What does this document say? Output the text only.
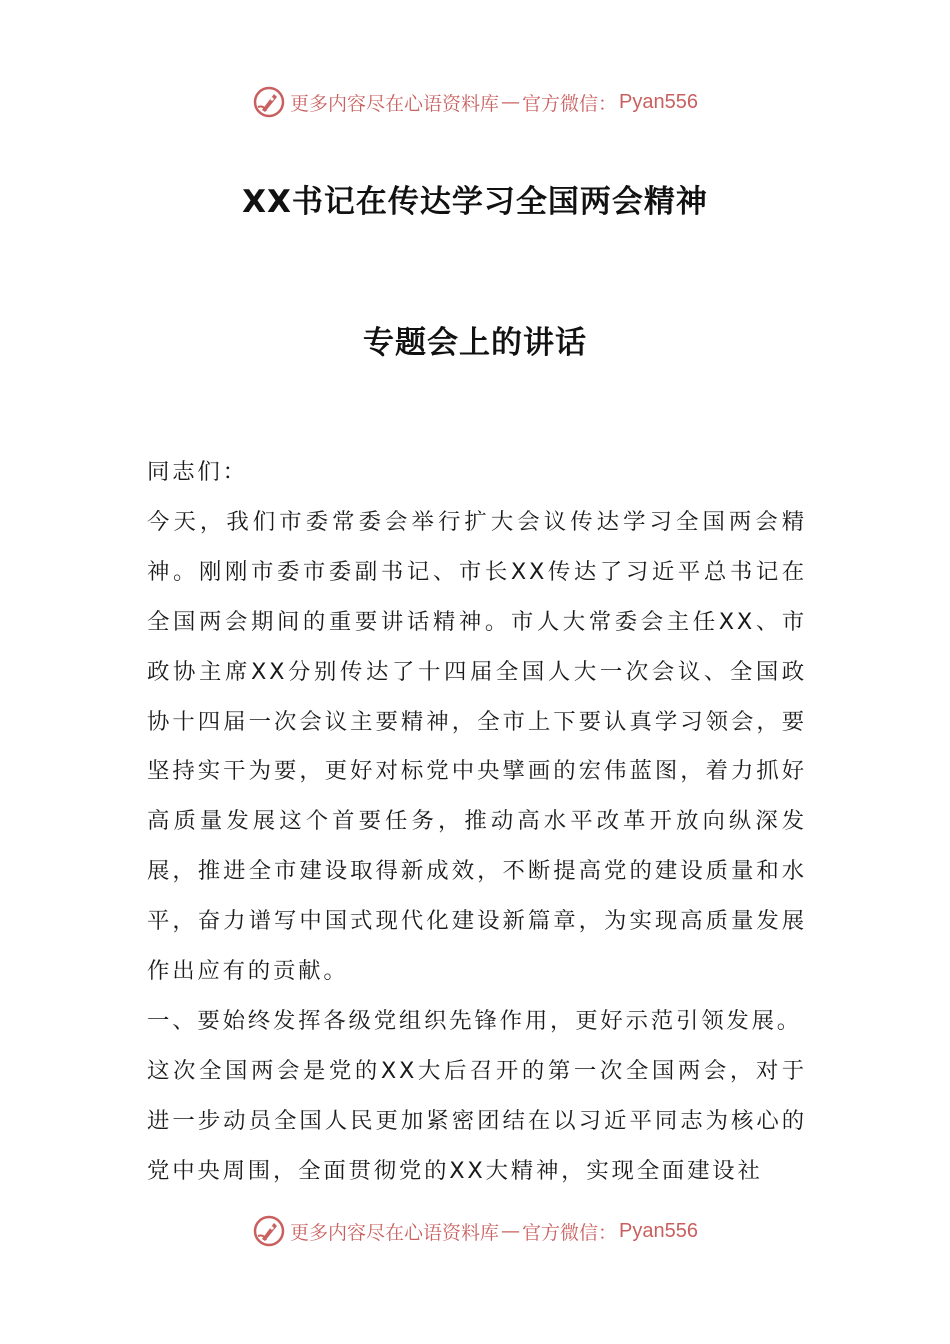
更多内容尽在心语资料库 — 官方微信： Pyan556
XX书记在传达学习全国两会精神
专题会上的讲话

同志们：

今天，我们市委常委会举行扩大会议传达学习全国两会精神。刚刚市委市委副书记、市长XX传达了习近平总书记在全国两会期间的重要讲话精神。市人大常委会主任XX、市政协主席XX分别传达了十四届全国人大一次会议、全国政协十四届一次会议主要精神，全市上下要认真学习领会，要坚持实干为要，更好对标党中央擘画的宏伟蓝图，着力抓好高质量发展这个首要任务，推动高水平改革开放向纵深发展，推进全市建设取得新成效，不断提高党的建设质量和水平，奋力谱写中国式现代化建设新篇章，为实现高质量发展作出应有的贡献。

一、要始终发挥各级党组织先锋作用，更好示范引领发展。

这次全国两会是党的XX大后召开的第一次全国两会，对于进一步动员全国人民更加紧密团结在以习近平同志为核心的党中央周围，全面贯彻党的XX大精神，实现全面建设社

更多内容尽在心语资料库 — 官方微信： Pyan556
